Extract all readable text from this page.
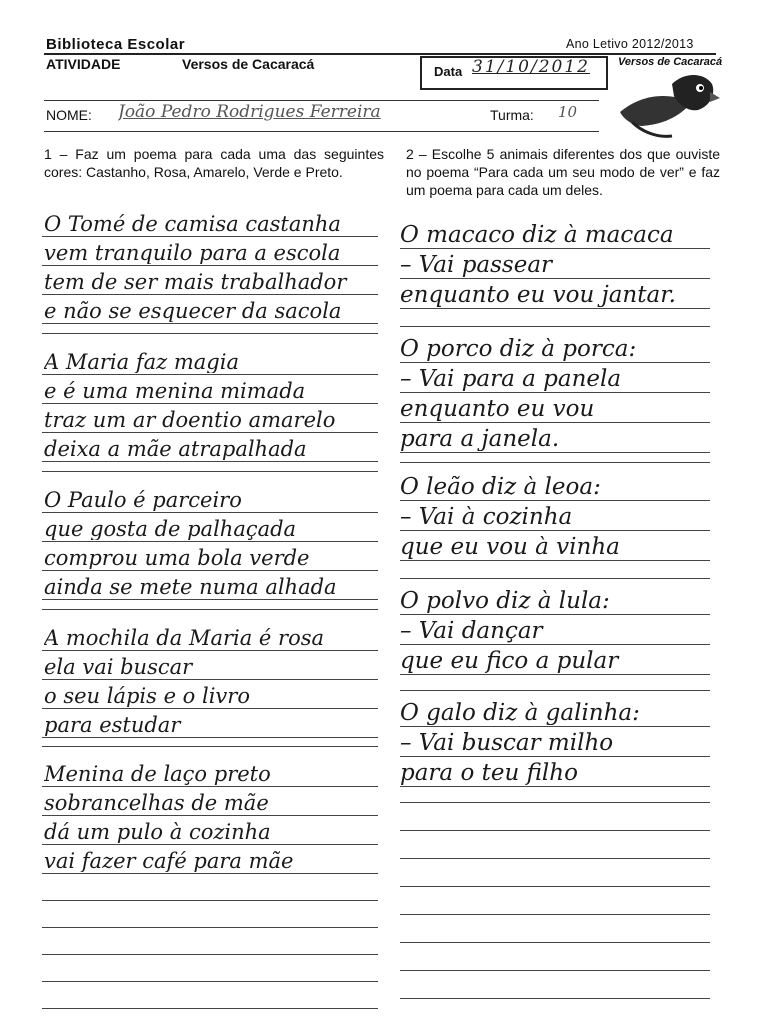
Biblioteca Escolar	Ano Letivo 2012/2013
ATIVIDADE	Versos de Cacaracá	Data 31/10/2012	Versos de Cacaracá
NOME: João Pedro Rodrigues Ferreira	Turma: 10
1 – Faz um poema para cada uma das seguintes cores: Castanho, Rosa, Amarelo, Verde e Preto.
2 – Escolhe 5 animais diferentes dos que ouviste no poema “Para cada um seu modo de ver” e faz um poema para cada um deles.
O Tomé de camisa castanha
vem tranquilo para a escola
tem de ser mais trabalhador
e não se esquecer da sacola
A Maria faz magia
e é uma menina mimada
traz um ar doentio amarelo
deixa a mãe atrapalhada
O Paulo é parceiro
que gosta de palhaçada
comprou uma bola verde
ainda se mete numa alhada
A mochila da Maria é rosa
ela vai buscar
o seu lápis e o livro
para estudar
Menina de laço preto
sobrancelhas de mãe
dá um pulo à cozinha
vai fazer café para mãe
O macaco diz à macaca
– Vai passear
enquanto eu vou jantar.
O porco diz à porca:
– Vai para a panela
enquanto eu vou
para a janela.
O leão diz à leoa:
– Vai à cozinha
que eu vou à vinha
O polvo diz à lula:
– Vai dançar
que eu fico a pular
O galo diz à galinha:
– Vai buscar milho
para o teu filho
